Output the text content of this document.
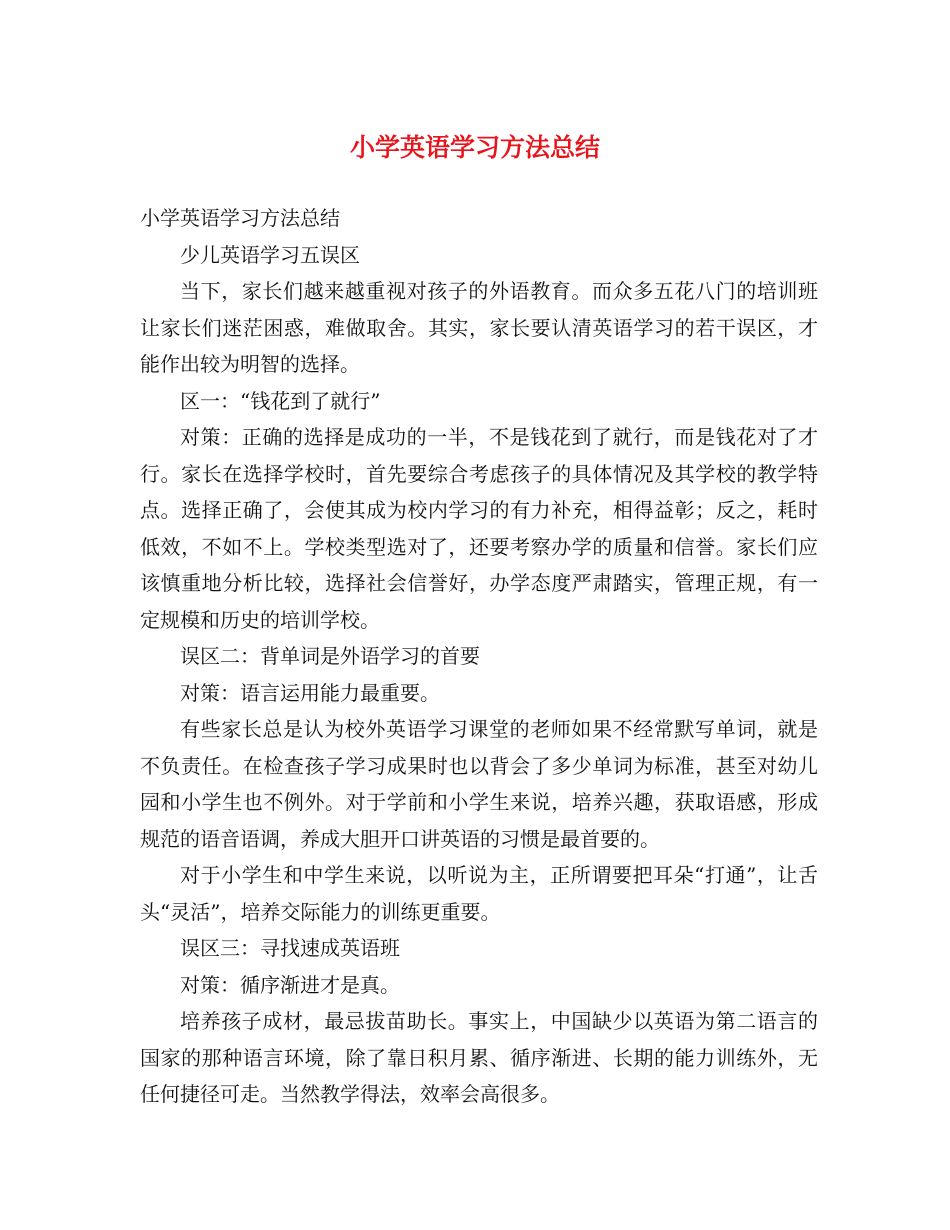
小学英语学习方法总结

小学英语学习方法总结

少儿英语学习五误区

当下，家长们越来越重视对孩子的外语教育。而众多五花八门的培训班让家长们迷茫困惑，难做取舍。其实，家长要认清英语学习的若干误区，才能作出较为明智的选择。

区一：“钱花到了就行”

对策：正确的选择是成功的一半，不是钱花到了就行，而是钱花对了才行。家长在选择学校时，首先要综合考虑孩子的具体情况及其学校的教学特点。选择正确了，会使其成为校内学习的有力补充，相得益彰；反之，耗时低效，不如不上。学校类型选对了，还要考察办学的质量和信誉。家长们应该慎重地分析比较，选择社会信誉好，办学态度严肃踏实，管理正规，有一定规模和历史的培训学校。

误区二：背单词是外语学习的首要

对策：语言运用能力最重要。

有些家长总是认为校外英语学习课堂的老师如果不经常默写单词，就是不负责任。在检查孩子学习成果时也以背会了多少单词为标准，甚至对幼儿园和小学生也不例外。对于学前和小学生来说，培养兴趣，获取语感，形成规范的语音语调，养成大胆开口讲英语的习惯是最首要的。

对于小学生和中学生来说，以听说为主，正所谓要把耳朵“打通”，让舌头“灵活”，培养交际能力的训练更重要。

误区三：寻找速成英语班

对策：循序渐进才是真。

培养孩子成材，最忌拔苗助长。事实上，中国缺少以英语为第二语言的国家的那种语言环境，除了靠日积月累、循序渐进、长期的能力训练外，无任何捷径可走。当然教学得法，效率会高很多。
